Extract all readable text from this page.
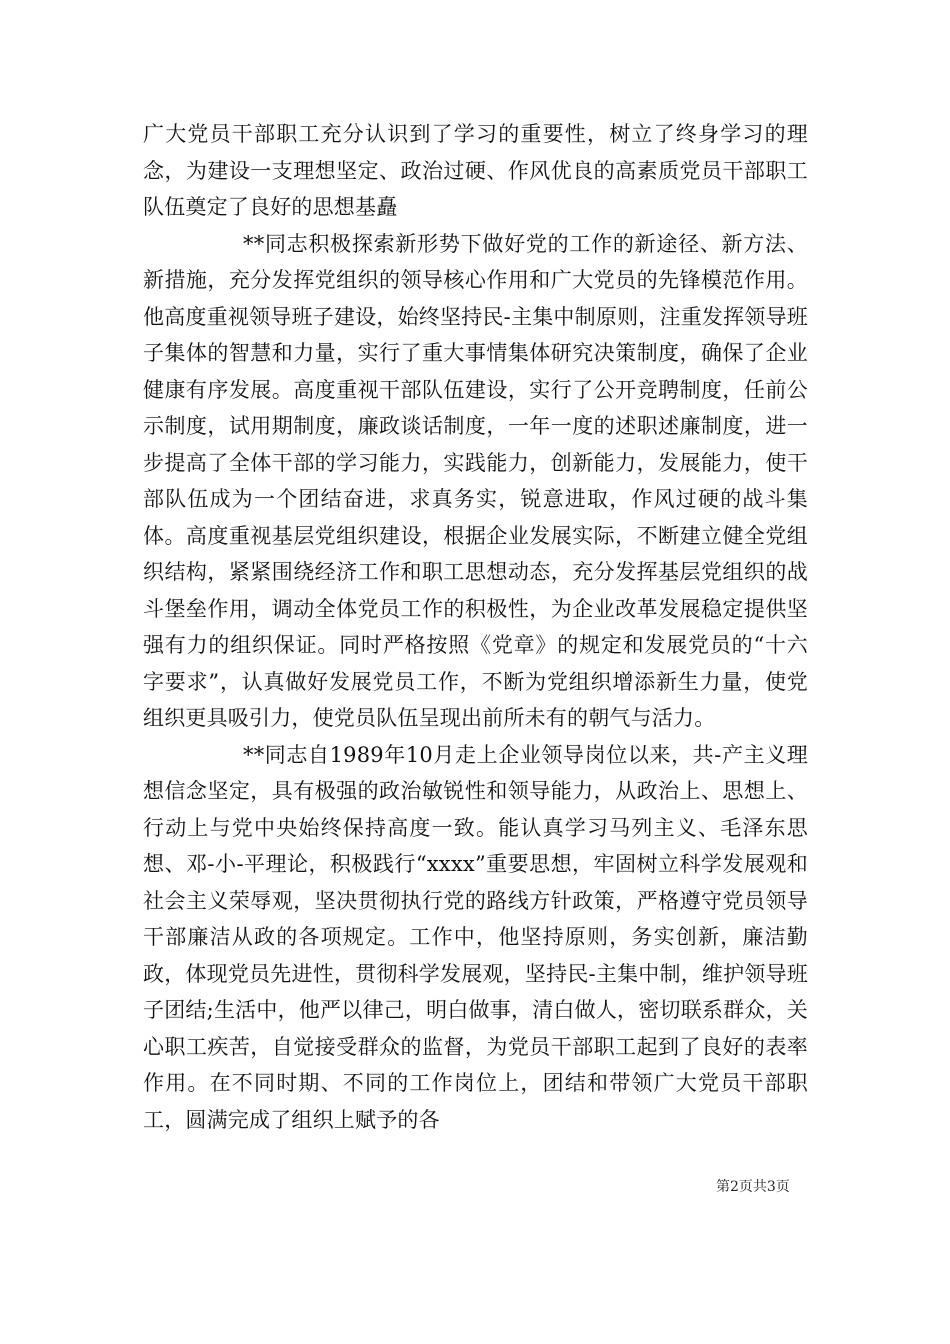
广大党员干部职工充分认识到了学习的重要性，树立了终身学习的理念，为建设一支理想坚定、政治过硬、作风优良的高素质党员干部职工队伍奠定了良好的思想基矗

**同志积极探索新形势下做好党的工作的新途径、新方法、新措施，充分发挥党组织的领导核心作用和广大党员的先锋模范作用。他高度重视领导班子建设，始终坚持民-主集中制原则，注重发挥领导班子集体的智慧和力量，实行了重大事情集体研究决策制度，确保了企业健康有序发展。高度重视干部队伍建设，实行了公开竞聘制度，任前公示制度，试用期制度，廉政谈话制度，一年一度的述职述廉制度，进一步提高了全体干部的学习能力，实践能力，创新能力，发展能力，使干部队伍成为一个团结奋进，求真务实，锐意进取，作风过硬的战斗集体。高度重视基层党组织建设，根据企业发展实际，不断建立健全党组织结构，紧紧围绕经济工作和职工思想动态，充分发挥基层党组织的战斗堡垒作用，调动全体党员工作的积极性，为企业改革发展稳定提供坚强有力的组织保证。同时严格按照《党章》的规定和发展党员的“十六字要求”，认真做好发展党员工作，不断为党组织增添新生力量，使党组织更具吸引力，使党员队伍呈现出前所未有的朝气与活力。

**同志自1989年10月走上企业领导岗位以来，共-产主义理想信念坚定，具有极强的政治敏锐性和领导能力，从政治上、思想上、行动上与党中央始终保持高度一致。能认真学习马列主义、毛泽东思想、邓-小-平理论，积极践行“xxxx”重要思想，牢固树立科学发展观和社会主义荣辱观，坚决贯彻执行党的路线方针政策，严格遵守党员领导干部廉洁从政的各项规定。工作中，他坚持原则，务实创新，廉洁勤政，体现党员先进性，贯彻科学发展观，坚持民-主集中制，维护领导班子团结;生活中，他严以律己，明白做事，清白做人，密切联系群众，关心职工疾苦，自觉接受群众的监督，为党员干部职工起到了良好的表率作用。在不同时期、不同的工作岗位上，团结和带领广大党员干部职工，圆满完成了组织上赋予的各

第2页共3页
